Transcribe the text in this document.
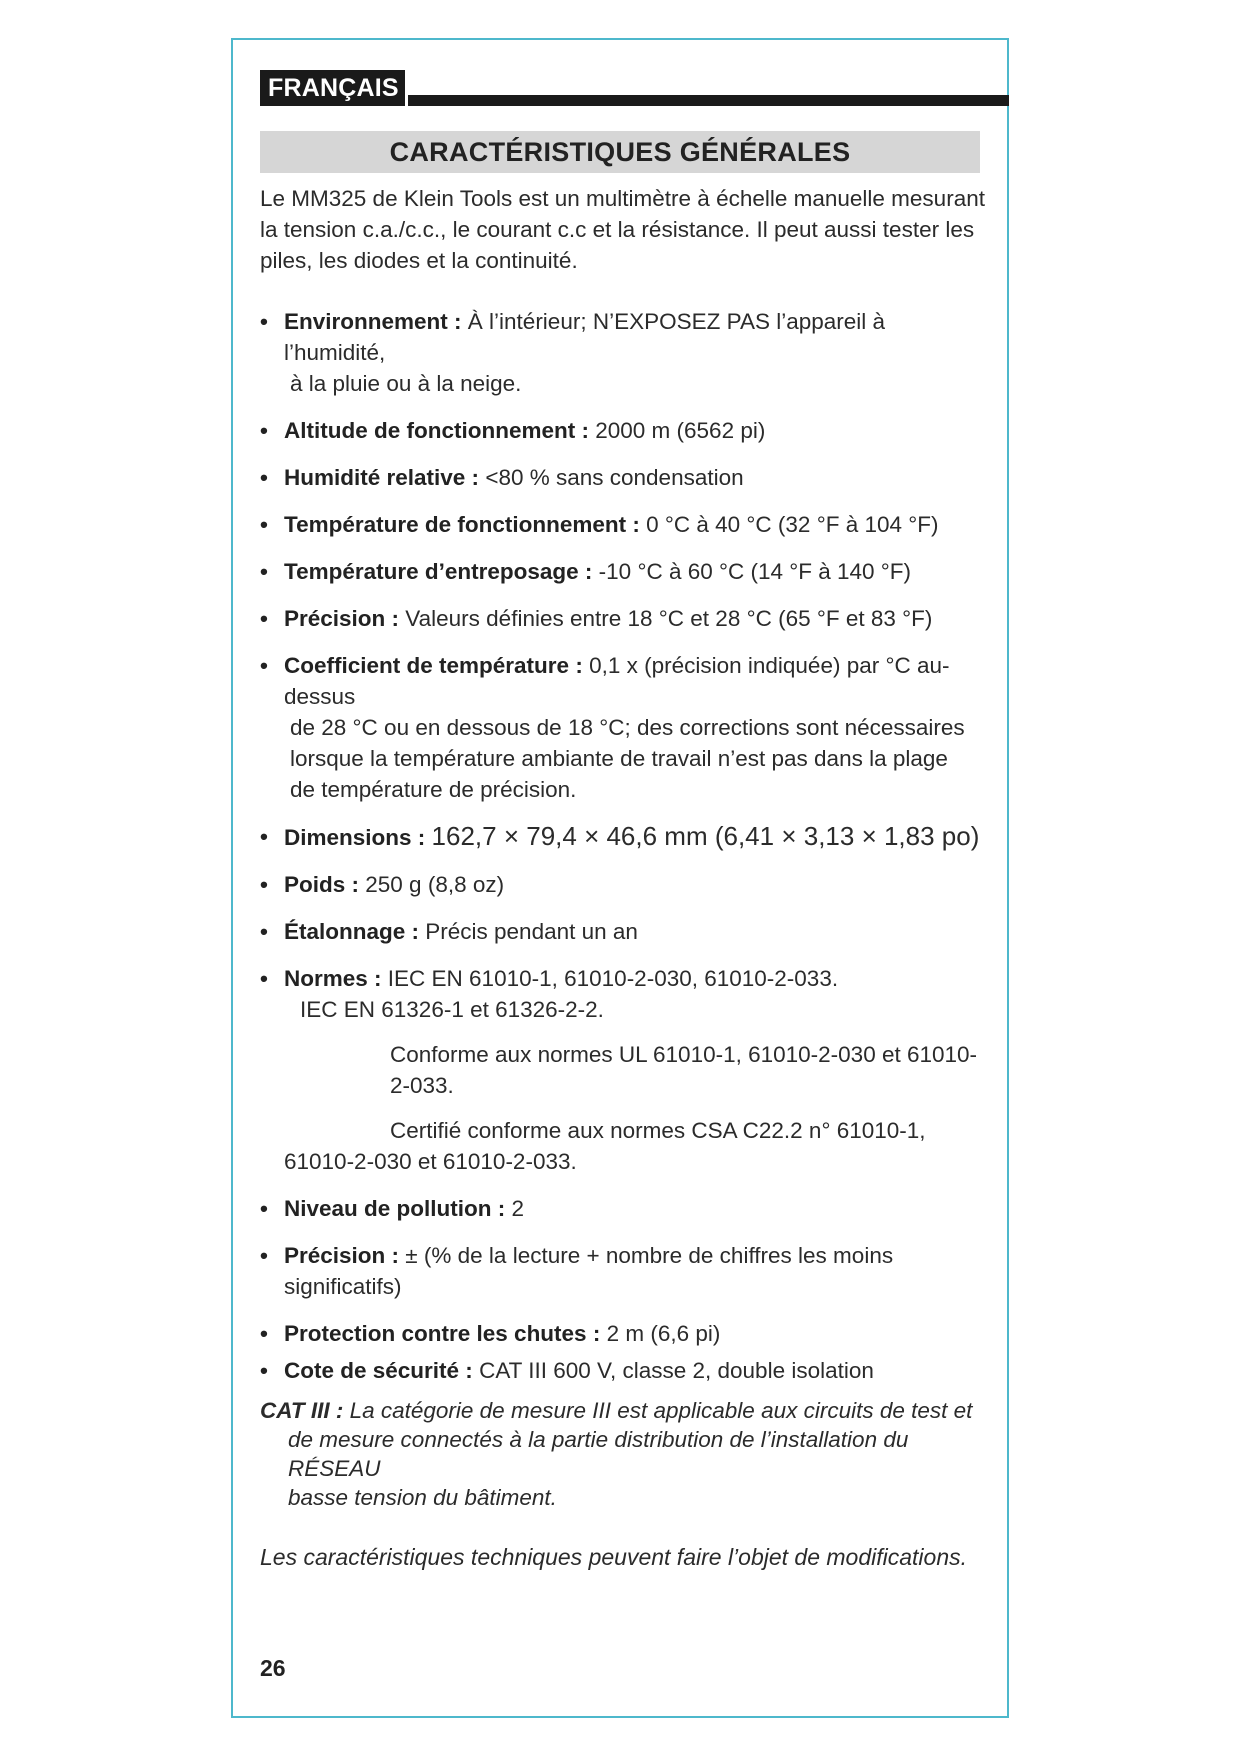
FRANÇAIS
CARACTÉRISTIQUES GÉNÉRALES

Le MM325 de Klein Tools est un multimètre à échelle manuelle mesurant la tension c.a./c.c., le courant c.c et la résistance. Il peut aussi tester les piles, les diodes et la continuité.

• Environnement : À l’intérieur; N’EXPOSEZ PAS l’appareil à l’humidité,
à la pluie ou à la neige.
• Altitude de fonctionnement : 2000 m (6562 pi)
• Humidité relative : <80 % sans condensation
• Température de fonctionnement : 0 °C à 40 °C (32 °F à 104 °F)
• Température d’entreposage : -10 °C à 60 °C (14 °F à 140 °F)
• Précision : Valeurs définies entre 18 °C et 28 °C (65 °F et 83 °F)
• Coefficient de température : 0,1 x (précision indiquée) par °C au-dessus
de 28 °C ou en dessous de 18 °C; des corrections sont nécessaires
lorsque la température ambiante de travail n’est pas dans la plage
de température de précision.
• Dimensions : 162,7 × 79,4 × 46,6 mm (6,41 × 3,13 × 1,83 po)
• Poids : 250 g (8,8 oz)
• Étalonnage : Précis pendant un an
• Normes : IEC EN 61010-1, 61010-2-030, 61010-2-033.
IEC EN 61326-1 et 61326-2-2.
Conforme aux normes UL 61010-1, 61010-2-030 et 61010-2-033.
Certifié conforme aux normes CSA C22.2 n° 61010-1,
61010-2-030 et 61010-2-033.
• Niveau de pollution : 2
• Précision : ± (% de la lecture + nombre de chiffres les moins significatifs)
• Protection contre les chutes : 2 m (6,6 pi)
• Cote de sécurité : CAT III 600 V, classe 2, double isolation
CAT III : La catégorie de mesure III est applicable aux circuits de test et
de mesure connectés à la partie distribution de l’installation du RÉSEAU
basse tension du bâtiment.
Les caractéristiques techniques peuvent faire l’objet de modifications.
26
